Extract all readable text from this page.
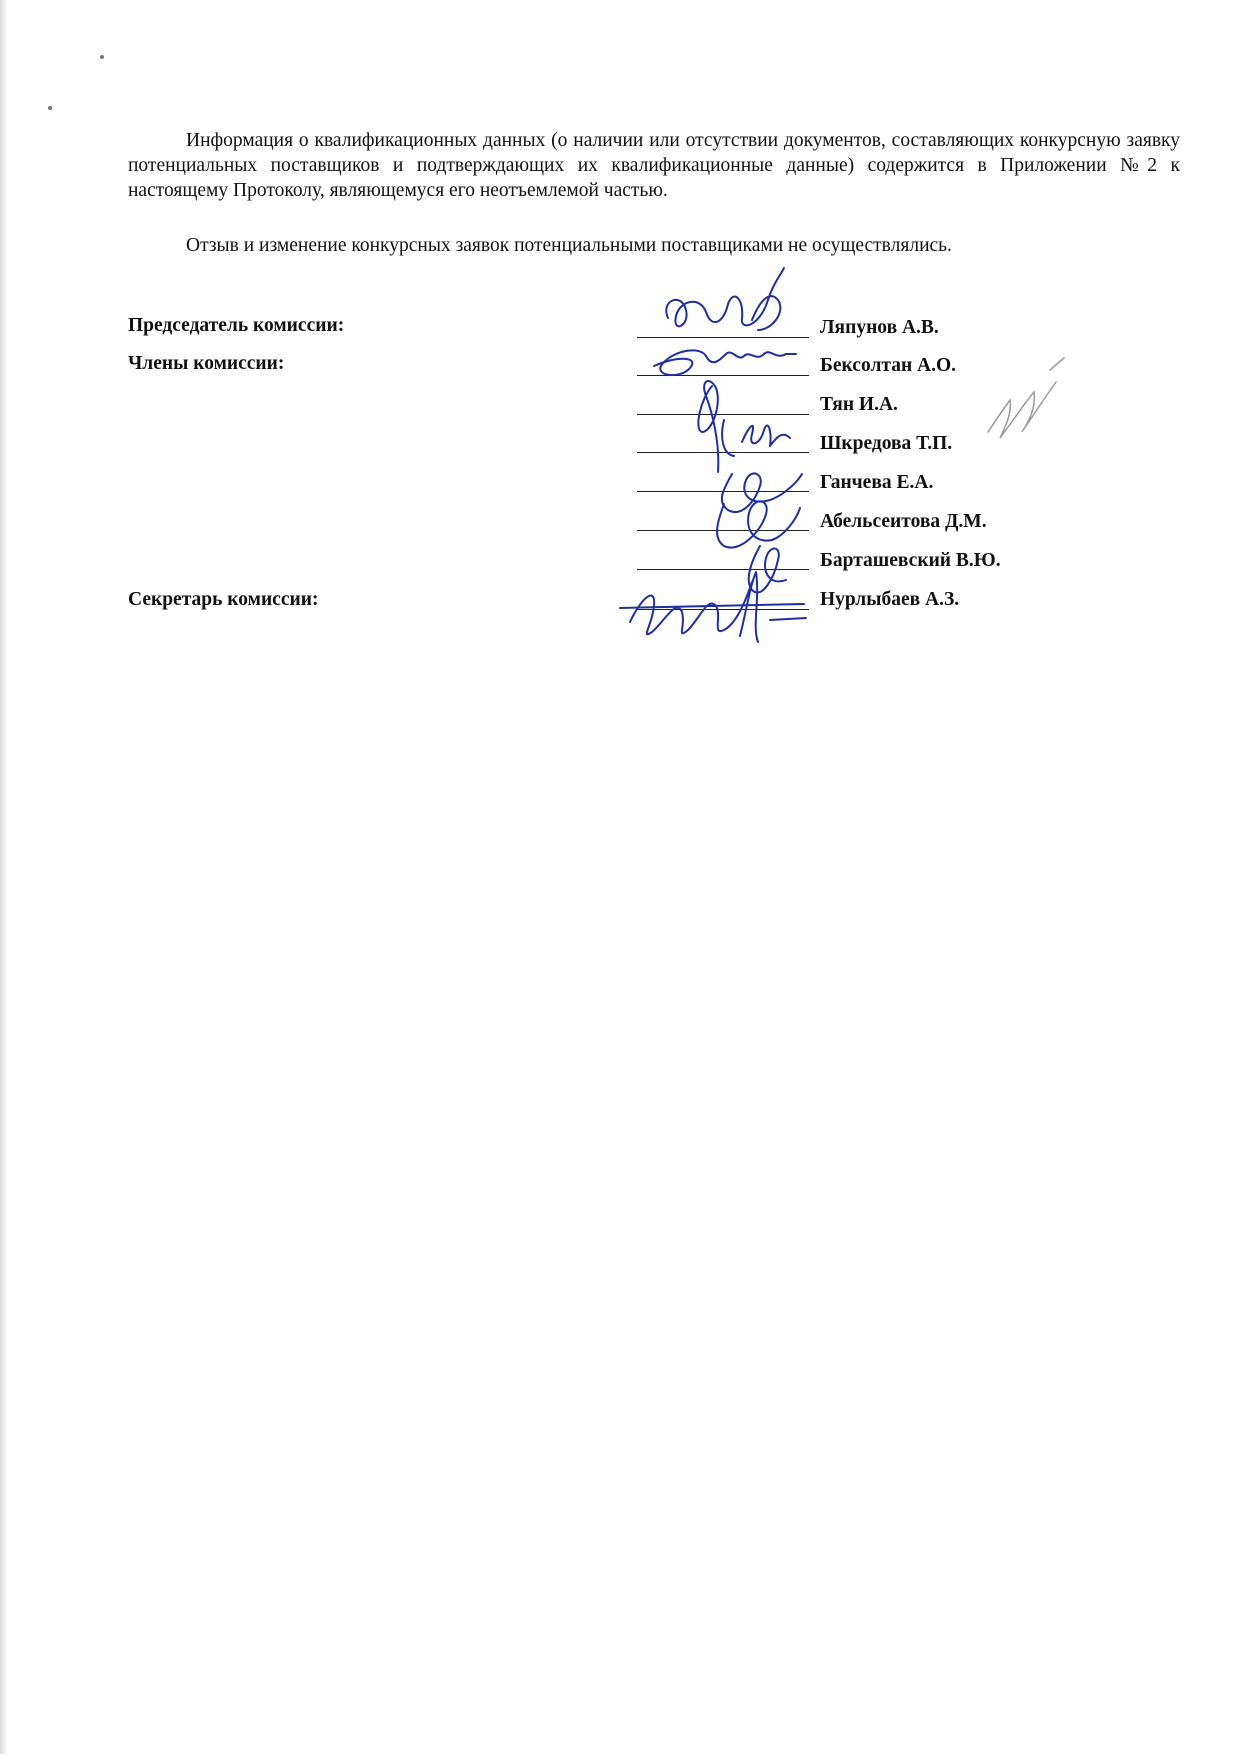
Информация о квалификационных данных (о наличии или отсутствии документов, составляющих конкурсную заявку потенциальных поставщиков и подтверждающих их квалификационные данные) содержится в Приложении №2 к настоящему Протоколу, являющемуся его неотъемлемой частью.

Отзыв и изменение конкурсных заявок потенциальными поставщиками не осуществлялись.

Председатель комиссии:

Члены комиссии:

Секретарь комиссии:

Ляпунов А.В.

Бексолтан А.О.

Тян И.А.

Шкредова Т.П.

Ганчева Е.А.

Абельсеитова Д.М.

Барташевский В.Ю.

Нурлыбаев А.З.
